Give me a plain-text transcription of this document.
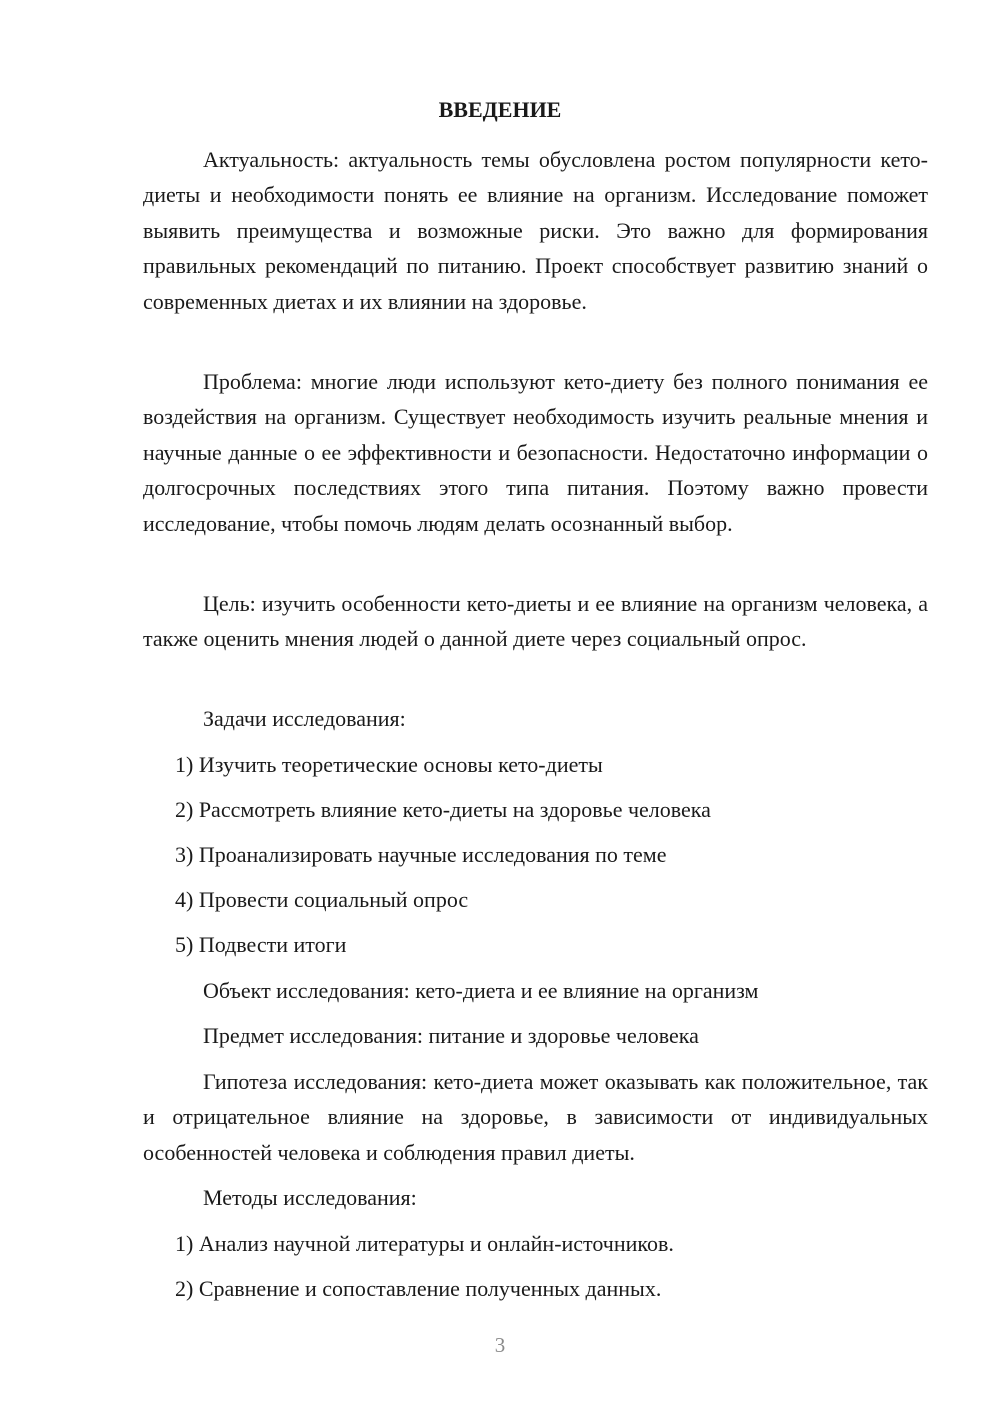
ВВЕДЕНИЕ

Актуальность: актуальность темы обусловлена ростом популярности кето-диеты и необходимости понять ее влияние на организм. Исследование поможет выявить преимущества и возможные риски. Это важно для формирования правильных рекомендаций по питанию. Проект способствует развитию знаний о современных диетах и их влиянии на здоровье.

Проблема: многие люди используют кето-диету без полного понимания ее воздействия на организм. Существует необходимость изучить реальные мнения и научные данные о ее эффективности и безопасности. Недостаточно информации о долгосрочных последствиях этого типа питания. Поэтому важно провести исследование, чтобы помочь людям делать осознанный выбор.

Цель: изучить особенности кето-диеты и ее влияние на организм человека, а также оценить мнения людей о данной диете через социальный опрос.

Задачи исследования:

1) Изучить теоретические основы кето-диеты

2) Рассмотреть влияние кето-диеты на здоровье человека

3) Проанализировать научные исследования по теме

4) Провести социальный опрос

5) Подвести итоги

Объект исследования: кето-диета и ее влияние на организм

Предмет исследования: питание и здоровье человека

Гипотеза исследования: кето-диета может оказывать как положительное, так и отрицательное влияние на здоровье, в зависимости от индивидуальных особенностей человека и соблюдения правил диеты.

Методы исследования:

1) Анализ научной литературы и онлайн-источников.

2) Сравнение и сопоставление полученных данных.

3
